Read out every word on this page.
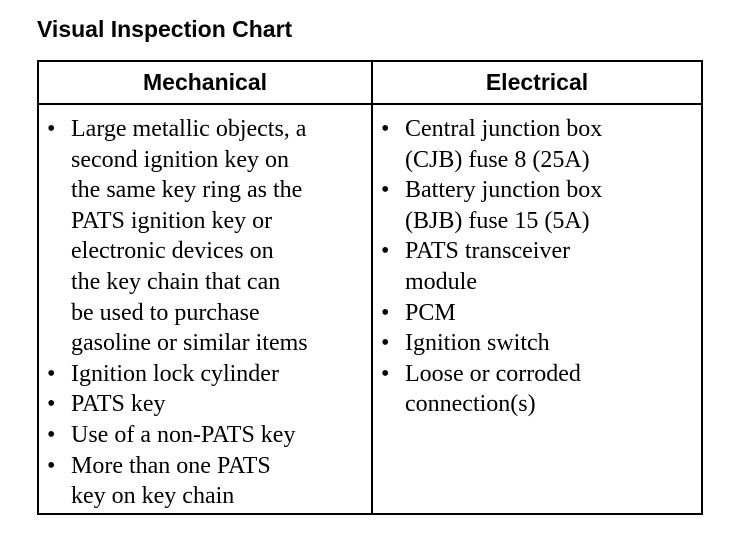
Visual Inspection Chart
Mechanical	Electrical
• Large metallic objects, a
second ignition key on
the same key ring as the
PATS ignition key or
electronic devices on
the key chain that can
be used to purchase
gasoline or similar items
• Ignition lock cylinder
• PATS key
• Use of a non-PATS key
• More than one PATS
key on key chain
• Central junction box
(CJB) fuse 8 (25A)
• Battery junction box
(BJB) fuse 15 (5A)
• PATS transceiver
module
• PCM
• Ignition switch
• Loose or corroded
connection(s)
